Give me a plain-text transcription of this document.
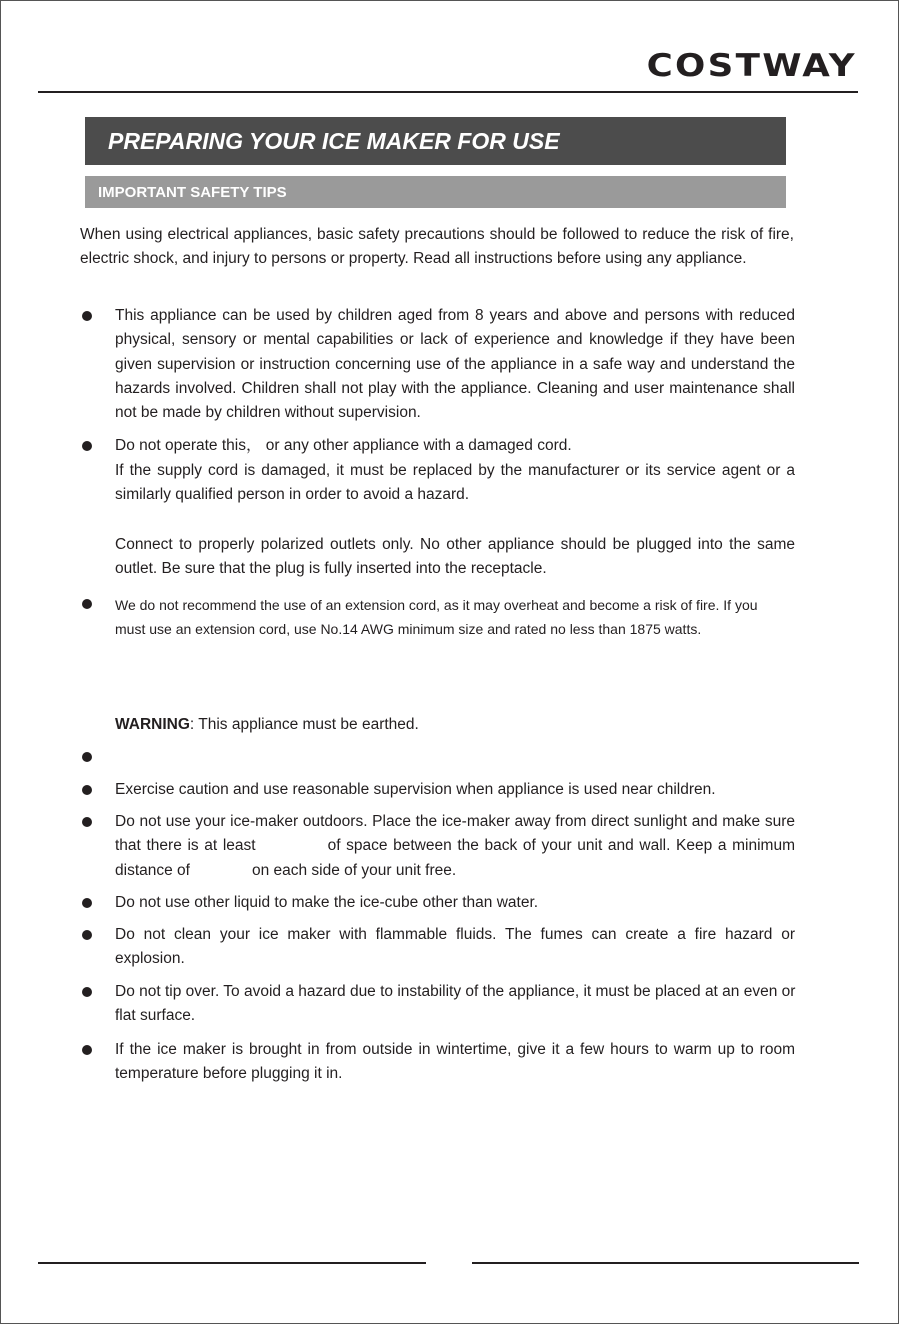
COSTWAY
PREPARING YOUR ICE MAKER FOR USE
IMPORTANT SAFETY TIPS

When using electrical appliances, basic safety precautions should be followed to reduce the risk of fire, electric shock, and injury to persons or property. Read all instructions before using any appliance.

This appliance can be used by children aged from 8 years and above and persons with reduced physical, sensory or mental capabilities or lack of experience and knowledge if they have been given supervision or instruction concerning use of the appliance in a safe way and understand the hazards involved. Children shall not play with the appliance. Cleaning and user maintenance shall not be made by children without supervision.

Do not operate this， or any other appliance with a damaged cord.

If the supply cord is damaged, it must be replaced by the manufacturer or its service agent or a similarly qualified person in order to avoid a hazard.

Connect to properly polarized outlets only. No other appliance should be plugged into the same outlet. Be sure that the plug is fully inserted into the receptacle.

We do not recommend the use of an extension cord, as it may overheat and become a risk of fire. If you must use an extension cord, use No.14 AWG minimum size and rated no less than 1875 watts.

WARNING: This appliance must be earthed.

Exercise caution and use reasonable supervision when appliance is used near children.

Do not use your ice-maker outdoors. Place the ice-maker away from direct sunlight and make sure that there is at least	of space between the back of your unit and wall. Keep a minimum distance of	on each side of your unit free.

Do not use other liquid to make the ice-cube other than water.

Do not clean your ice maker with flammable fluids. The fumes can create a fire hazard or explosion.

Do not tip over. To avoid a hazard due to instability of the appliance, it must be placed at an even or flat surface.

If the ice maker is brought in from outside in wintertime, give it a few hours to warm up to room temperature before plugging it in.
